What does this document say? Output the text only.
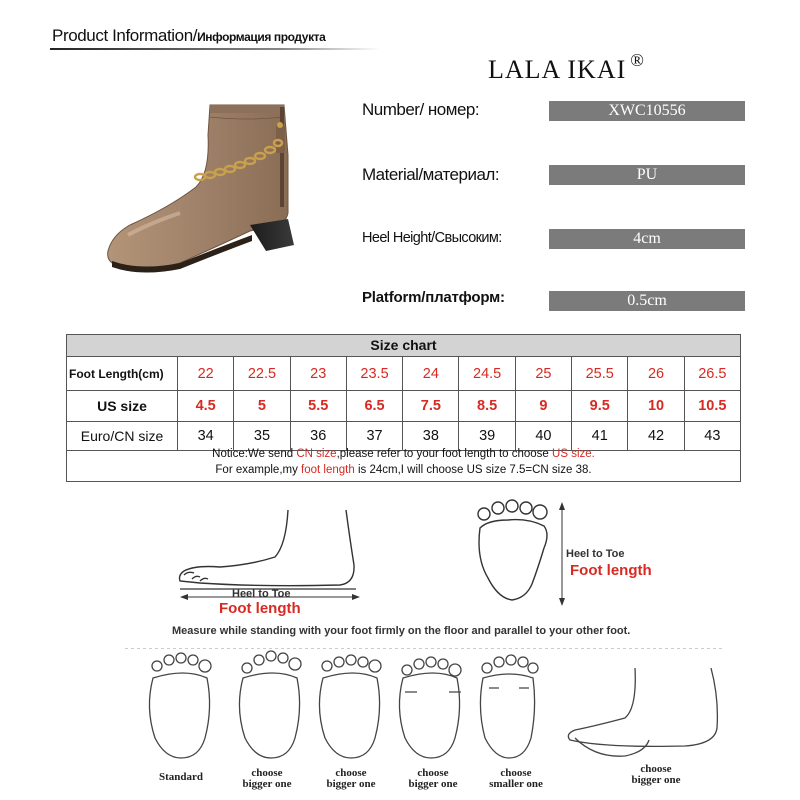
Product Information/Информация продукта
LALA IKAI ®
Number/ номер:	XWC10556
Material/материал:	PU
Heel Height/Свысоким:	4cm
Platform/платформ:	0.5cm
Size chart
Foot Length(cm)	22	22.5	23	23.5	24	24.5	25	25.5	26	26.5
US size	4.5	5	5.5	6.5	7.5	8.5	9	9.5	10	10.5
Euro/CN size	34	35	36	37	38	39	40	41	42	43
Notice:We send CN size,please refer to your foot length to choose US size.
For example,my foot length is 24cm,I will choose US size 7.5=CN size 38.
Heel to Toe
Foot length
Heel to Toe
Foot length
Measure while standing with your foot firmly on the floor and parallel to your other foot.
Standard	choose
bigger one
choose
bigger one
choose
bigger one
choose
smaller one
choose
bigger one
